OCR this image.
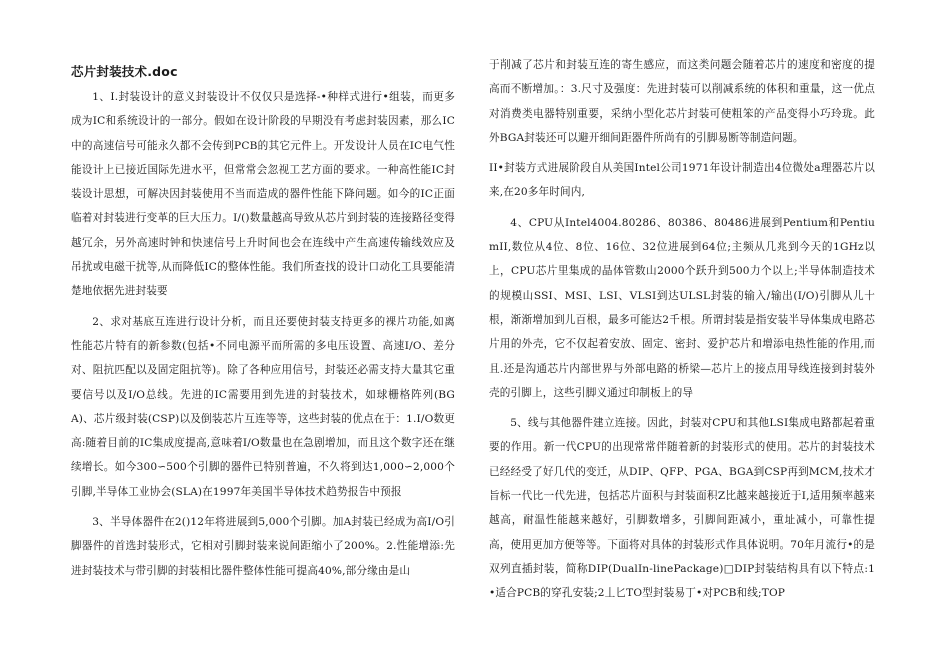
芯片封装技术.doc

1、I.封装设计的意义封装设计不仅仅只是选择-•种样式进行•组装，而更多成为IC和系统设计的一部分。假如在设计阶段的早期没有考虑封装因素，那么IC中的高速信号可能永久都不会传到PCB的其它元件上。开发设计人员在IC电气性能设计上已接近国际先进水平，但常常会忽视工艺方面的要求。一种高性能IC封装设计思想，可解决因封装使用不当而造成的器件性能下降问题。如今的IC正面临着对封装进行变革的巨大压力。I/()数量越高导致从芯片到封装的连接路径变得越冗余，另外高速时钟和快速信号上升时间也会在连线中产生高速传输线效应及吊扰或电磁干扰等,从而降低IC的整体性能。我们所查找的设计口动化工具要能清楚地依据先进封装要

2、求对基底互连进行设计分析，而且还要使封装支持更多的裸片功能,如离性能芯片特有的新参数(包括•不同电源平而所需的多电压设置、高速I/O、差分对、阻抗匹配以及固定阻抗等)。除了各种应用信号，封装还必需支持大量其它重要信号以及I/O总线。先进的IC需要用到先进的封装技术，如球栅格阵列(BGA)、芯片级封装(CSP)以及倒装芯片互连等等，这些封装的优点在于：1.I/O数更高:随着目前的IC集成度提高,意味着I/O数量也在急剧增加，而且这个数字还在继续增长。如今300∽500个引脚的器件已特别普遍，不久将到达1,000∽2,000个引脚,半导体工业协会(SLA)在1997年美国半导体技术趋势报告中预报

3、半导体器件在2()12年将进展到5,000个引脚。加A封装已经成为高I/O引脚器件的首选封装形式，它相对引脚封装来说间距缩小了200%。2.性能增添:先进封装技术与带引脚的封装相比器件整体性能可提高40%,部分缘由是山

于削减了芯片和封装互连的寄生感应，而这类问题会随着芯片的速度和密度的提高而不断增加。：3.尺寸及强度：先进封装可以削减系统的体积和重量，这一优点对消费类电器特别重要，采纳小型化芯片封装可使粗笨的产品变得小巧玲珑。此外BGA封装还可以避开细间距器件所尚有的引脚易断等制造问题。

II•封装方式进展阶段自从美国Intel公司1971年设计制造出4位微处a理器芯片以来,在20多年时间内,

4、CPU从Intel4004.80286、80386、80486进展到Pentium和PentiumII,数位从4位、8位、16位、32位进展到64位;主频从几兆到今天的1GHz以上，CPU芯片里集成的晶体管数山2000个跃升到500力个以上;半导体制造技术的规模山SSI、MSI、LSI、VLSI到达ULSL封装的输入/输出(I/O)引脚从儿十根，渐渐增加到儿百根，最多可能达2千根。所谓封装是指安装半导体集成电路芯片用的外壳，它不仅起着安放、固定、密封、爱护芯片和增添电热性能的作用,而且.还是沟通芯片内部世界与外部电路的桥梁—芯片上的接点用导线连接到封装外壳的引脚上，这些引脚义通过印制板上的导

5、线与其他器件建立连接。因此，封装对CPU和其他LSI集成电路都起着重要的作用。新一代CPU的出现常常伴随着新的封装形式的使用。芯片的封装技术已经经受了好几代的变迁，从DIP、QFP、PGA、BGA到CSP再到MCM,技术才旨标一代比一代先进，包括芯片面积与封装面积Z比越来越接近于I,适用频率越来越高，耐温性能越来越好，引脚数增多，引脚间距减小，重址减小，可靠性提高，使用更加方便等等。下面将对具体的封装形式作具体说明。70年月流行•的是双列直插封装，简称DIP(DualIn-linePackage)□DIP封装结构具有以下特点:1•适合PCB的穿孔安装;2丄匕TO型封装易丁•对PCB和线;TOP
